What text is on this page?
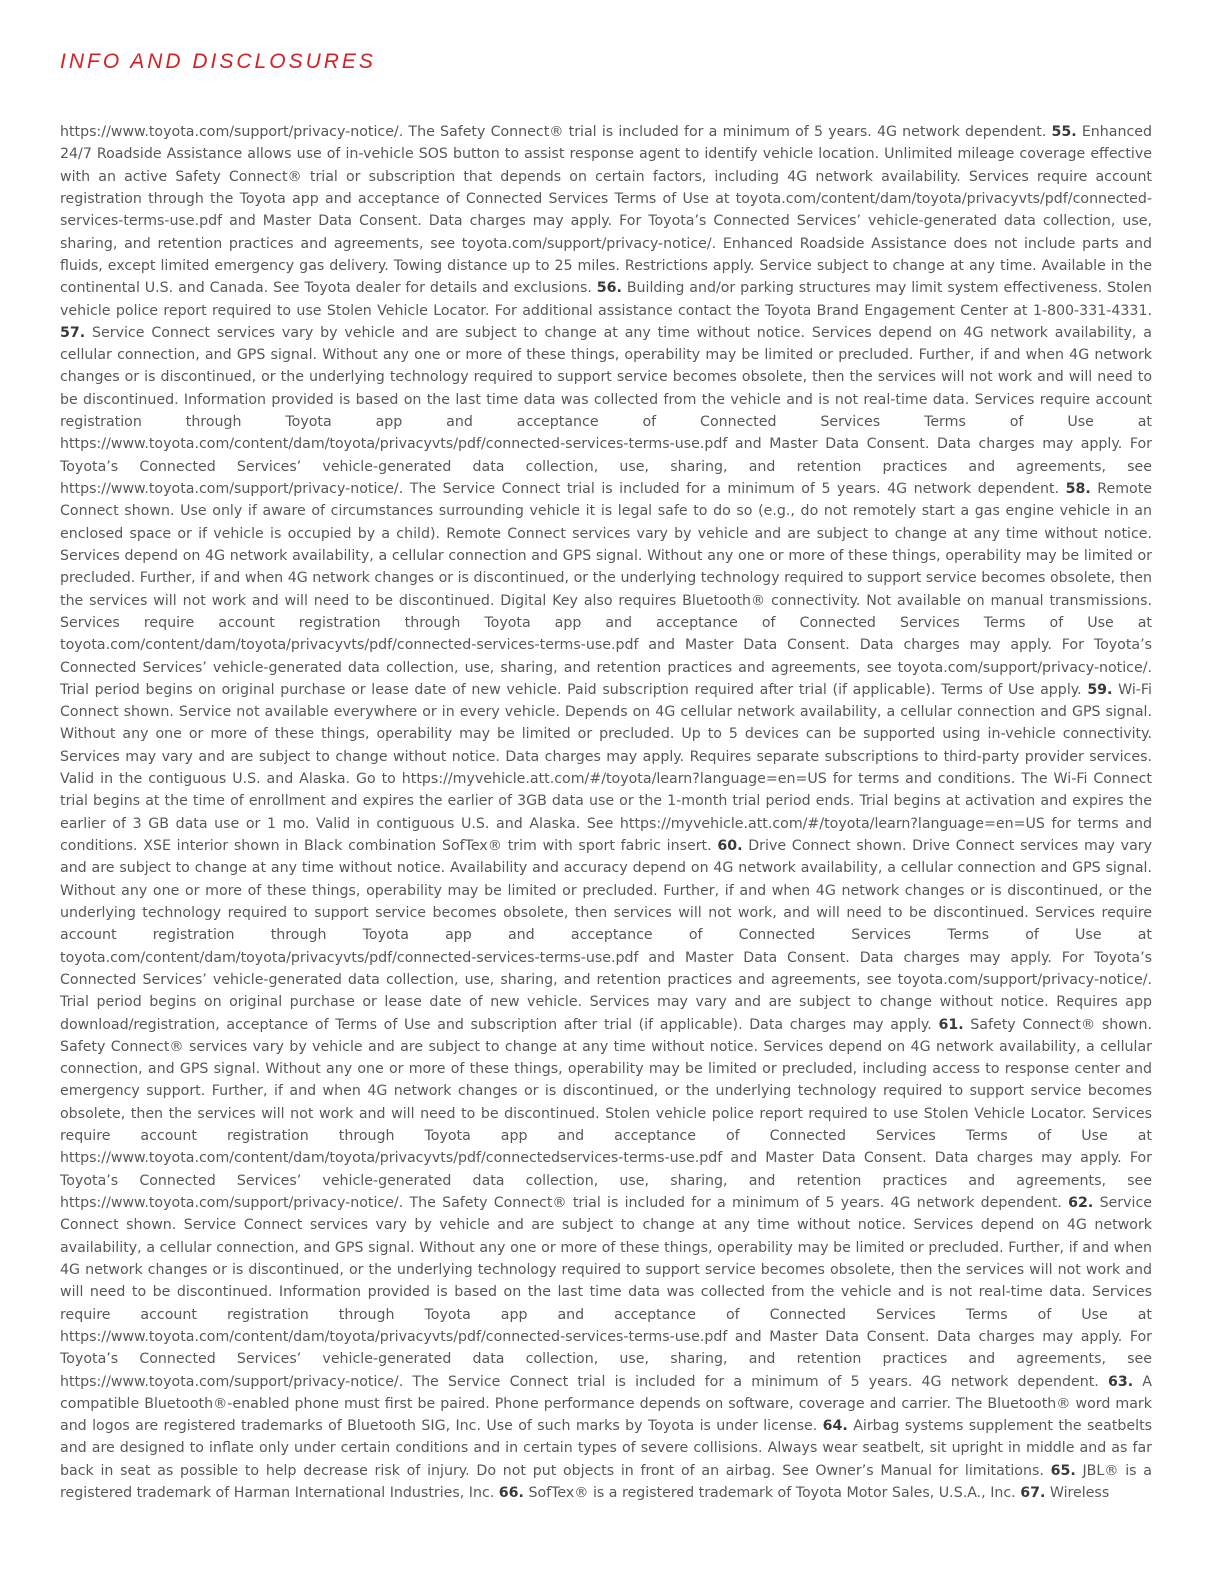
INFO AND DISCLOSURES

https://www.toyota.com/support/privacy-notice/. The Safety Connect® trial is included for a minimum of 5 years. 4G network dependent. 55. Enhanced 24/7 Roadside Assistance allows use of in-vehicle SOS button to assist response agent to identify vehicle location. Unlimited mileage coverage effective with an active Safety Connect® trial or subscription that depends on certain factors, including 4G network availability. Services require account registration through the Toyota app and acceptance of Connected Services Terms of Use at toyota.com/content/dam/toyota/privacyvts/pdf/connected-services-terms-use.pdf and Master Data Consent. Data charges may apply. For Toyota’s Connected Services’ vehicle-generated data collection, use, sharing, and retention practices and agreements, see toyota.com/support/privacy-notice/. Enhanced Roadside Assistance does not include parts and fluids, except limited emergency gas delivery. Towing distance up to 25 miles. Restrictions apply. Service subject to change at any time. Available in the continental U.S. and Canada. See Toyota dealer for details and exclusions. 56. Building and/or parking structures may limit system effectiveness. Stolen vehicle police report required to use Stolen Vehicle Locator. For additional assistance contact the Toyota Brand Engagement Center at 1-800-331-4331. 57. Service Connect services vary by vehicle and are subject to change at any time without notice. Services depend on 4G network availability, a cellular connection, and GPS signal. Without any one or more of these things, operability may be limited or precluded. Further, if and when 4G network changes or is discontinued, or the underlying technology required to support service becomes obsolete, then the services will not work and will need to be discontinued. Information provided is based on the last time data was collected from the vehicle and is not real-time data. Services require account registration through Toyota app and acceptance of Connected Services Terms of Use at https://www.toyota.com/content/dam/toyota/privacyvts/pdf/connected-services-terms-use.pdf and Master Data Consent. Data charges may apply. For Toyota’s Connected Services’ vehicle-generated data collection, use, sharing, and retention practices and agreements, see https://www.toyota.com/support/privacy-notice/. The Service Connect trial is included for a minimum of 5 years. 4G network dependent. 58. Remote Connect shown. Use only if aware of circumstances surrounding vehicle it is legal safe to do so (e.g., do not remotely start a gas engine vehicle in an enclosed space or if vehicle is occupied by a child). Remote Connect services vary by vehicle and are subject to change at any time without notice. Services depend on 4G network availability, a cellular connection and GPS signal. Without any one or more of these things, operability may be limited or precluded. Further, if and when 4G network changes or is discontinued, or the underlying technology required to support service becomes obsolete, then the services will not work and will need to be discontinued. Digital Key also requires Bluetooth® connectivity. Not available on manual transmissions. Services require account registration through Toyota app and acceptance of Connected Services Terms of Use at toyota.com/content/dam/toyota/privacyvts/pdf/connected-services-terms-use.pdf and Master Data Consent. Data charges may apply. For Toyota’s Connected Services’ vehicle-generated data collection, use, sharing, and retention practices and agreements, see toyota.com/support/privacy-notice/. Trial period begins on original purchase or lease date of new vehicle. Paid subscription required after trial (if applicable). Terms of Use apply. 59. Wi-Fi Connect shown. Service not available everywhere or in every vehicle. Depends on 4G cellular network availability, a cellular connection and GPS signal. Without any one or more of these things, operability may be limited or precluded. Up to 5 devices can be supported using in-vehicle connectivity. Services may vary and are subject to change without notice. Data charges may apply. Requires separate subscriptions to third-party provider services. Valid in the contiguous U.S. and Alaska. Go to https://myvehicle.att.com/#/toyota/learn?language=en=US for terms and conditions. The Wi-Fi Connect trial begins at the time of enrollment and expires the earlier of 3GB data use or the 1-month trial period ends. Trial begins at activation and expires the earlier of 3 GB data use or 1 mo. Valid in contiguous U.S. and Alaska. See https://myvehicle.att.com/#/toyota/learn?language=en=US for terms and conditions. XSE interior shown in Black combination SofTex® trim with sport fabric insert. 60. Drive Connect shown. Drive Connect services may vary and are subject to change at any time without notice. Availability and accuracy depend on 4G network availability, a cellular connection and GPS signal. Without any one or more of these things, operability may be limited or precluded. Further, if and when 4G network changes or is discontinued, or the underlying technology required to support service becomes obsolete, then services will not work, and will need to be discontinued. Services require account registration through Toyota app and acceptance of Connected Services Terms of Use at toyota.com/content/dam/toyota/privacyvts/pdf/connected-services-terms-use.pdf and Master Data Consent. Data charges may apply. For Toyota’s Connected Services’ vehicle-generated data collection, use, sharing, and retention practices and agreements, see toyota.com/support/privacy-notice/. Trial period begins on original purchase or lease date of new vehicle. Services may vary and are subject to change without notice. Requires app download/registration, acceptance of Terms of Use and subscription after trial (if applicable). Data charges may apply. 61. Safety Connect® shown. Safety Connect® services vary by vehicle and are subject to change at any time without notice. Services depend on 4G network availability, a cellular connection, and GPS signal. Without any one or more of these things, operability may be limited or precluded, including access to response center and emergency support. Further, if and when 4G network changes or is discontinued, or the underlying technology required to support service becomes obsolete, then the services will not work and will need to be discontinued. Stolen vehicle police report required to use Stolen Vehicle Locator. Services require account registration through Toyota app and acceptance of Connected Services Terms of Use at https://www.toyota.com/content/dam/toyota/privacyvts/pdf/connectedservices-terms-use.pdf and Master Data Consent. Data charges may apply. For Toyota’s Connected Services’ vehicle-generated data collection, use, sharing, and retention practices and agreements, see https://www.toyota.com/support/privacy-notice/. The Safety Connect® trial is included for a minimum of 5 years. 4G network dependent. 62. Service Connect shown. Service Connect services vary by vehicle and are subject to change at any time without notice. Services depend on 4G network availability, a cellular connection, and GPS signal. Without any one or more of these things, operability may be limited or precluded. Further, if and when 4G network changes or is discontinued, or the underlying technology required to support service becomes obsolete, then the services will not work and will need to be discontinued. Information provided is based on the last time data was collected from the vehicle and is not real-time data. Services require account registration through Toyota app and acceptance of Connected Services Terms of Use at https://www.toyota.com/content/dam/toyota/privacyvts/pdf/connected-services-terms-use.pdf and Master Data Consent. Data charges may apply. For Toyota’s Connected Services’ vehicle-generated data collection, use, sharing, and retention practices and agreements, see https://www.toyota.com/support/privacy-notice/. The Service Connect trial is included for a minimum of 5 years. 4G network dependent. 63. A compatible Bluetooth®-enabled phone must first be paired. Phone performance depends on software, coverage and carrier. The Bluetooth® word mark and logos are registered trademarks of Bluetooth SIG, Inc. Use of such marks by Toyota is under license. 64. Airbag systems supplement the seatbelts and are designed to inflate only under certain conditions and in certain types of severe collisions. Always wear seatbelt, sit upright in middle and as far back in seat as possible to help decrease risk of injury. Do not put objects in front of an airbag. See Owner’s Manual for limitations. 65. JBL® is a registered trademark of Harman International Industries, Inc. 66. SofTex® is a registered trademark of Toyota Motor Sales, U.S.A., Inc. 67. Wireless
